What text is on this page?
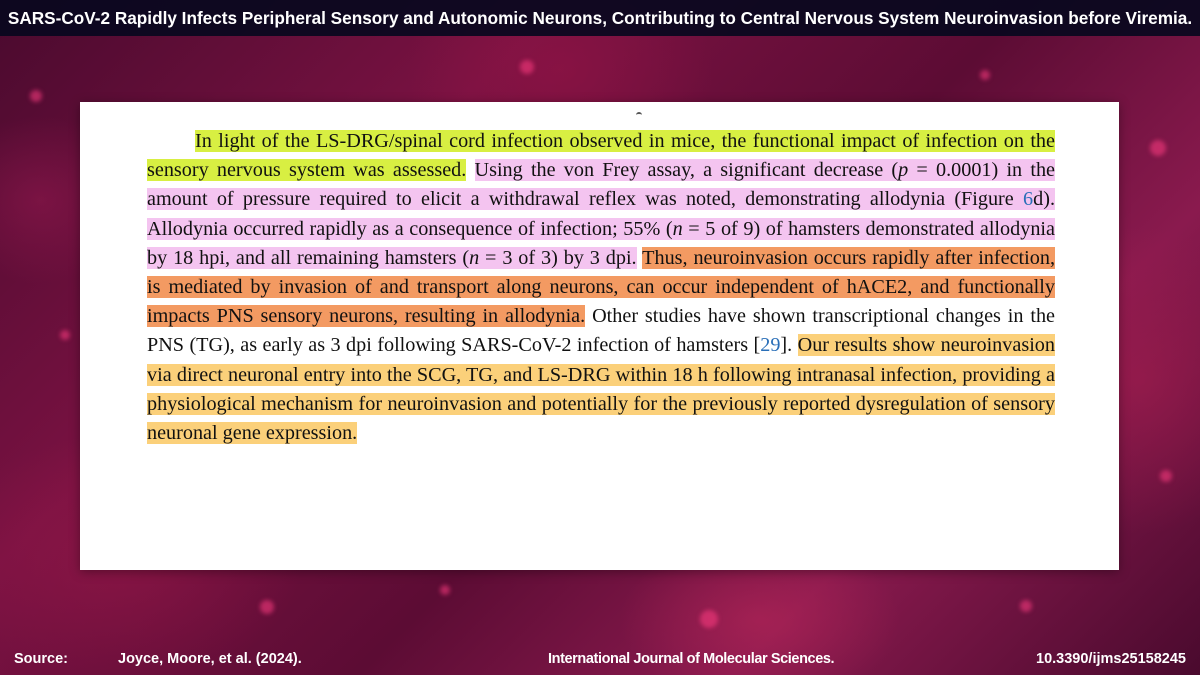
SARS-CoV-2 Rapidly Infects Peripheral Sensory and Autonomic Neurons, Contributing to Central Nervous System Neuroinvasion before Viremia.

In light of the LS-DRG/spinal cord infection observed in mice, the functional impact of infection on the sensory nervous system was assessed. Using the von Frey assay, a significant decrease (p = 0.0001) in the amount of pressure required to elicit a withdrawal reflex was noted, demonstrating allodynia (Figure 6d). Allodynia occurred rapidly as a consequence of infection; 55% (n = 5 of 9) of hamsters demonstrated allodynia by 18 hpi, and all remaining hamsters (n = 3 of 3) by 3 dpi. Thus, neuroinvasion occurs rapidly after infection, is mediated by invasion of and transport along neurons, can occur independent of hACE2, and functionally impacts PNS sensory neurons, resulting in allodynia. Other studies have shown transcriptional changes in the PNS (TG), as early as 3 dpi following SARS-CoV-2 infection of hamsters [29]. Our results show neuroinvasion via direct neuronal entry into the SCG, TG, and LS-DRG within 18 h following intranasal infection, providing a physiological mechanism for neuroinvasion and potentially for the previously reported dysregulation of sensory neuronal gene expression.

Source:	Joyce, Moore, et al. (2024).	International Journal of Molecular Sciences.	10.3390/ijms25158245
